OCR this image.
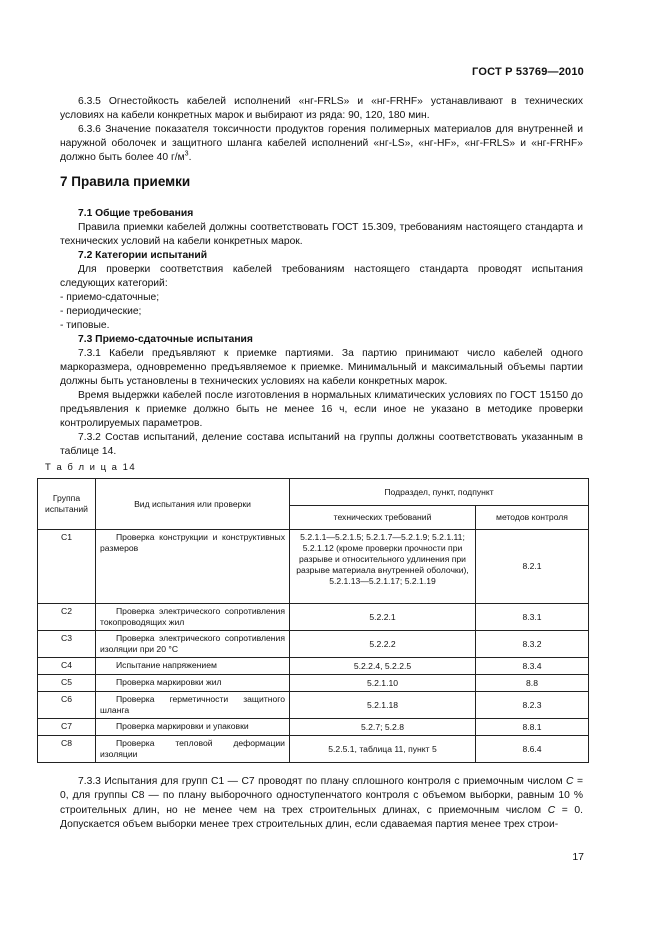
ГОСТ Р 53769—2010

6.3.5 Огнестойкость кабелей исполнений «нг-FRLS» и «нг-FRHF» устанавливают в технических условиях на кабели конкретных марок и выбирают из ряда: 90, 120, 180 мин.

6.3.6 Значение показателя токсичности продуктов горения полимерных материалов для внутренней и наружной оболочек и защитного шланга кабелей исполнений «нг-LS», «нг-HF», «нг-FRLS» и «нг-FRHF» должно быть более 40 $г/м^3$.

7 Правила приемки

7.1 Общие требования

Правила приемки кабелей должны соответствовать ГОСТ 15.309, требованиям настоящего стандарта и технических условий на кабели конкретных марок.

7.2 Категории испытаний

Для проверки соответствия кабелей требованиям настоящего стандарта проводят испытания следующих категорий:

- приемо-сдаточные;

- периодические;

- типовые.

7.3 Приемо-сдаточные испытания

7.3.1 Кабели предъявляют к приемке партиями. За партию принимают число кабелей одного маркоразмера, одновременно предъявляемое к приемке. Минимальный и максимальный объемы партии должны быть установлены в технических условиях на кабели конкретных марок.

Время выдержки кабелей после изготовления в нормальных климатических условиях по ГОСТ 15150 до предъявления к приемке должно быть не менее 16 ч, если иное не указано в методике проверки контролируемых параметров.

7.3.2 Состав испытаний, деление состава испытаний на группы должны соответствовать указанным в таблице 14.

Т а б л и ц а 14
Группа испытаний	Вид испытания или проверки	Подраздел, пункт, подпункт	
		технических требований	методов контроля
С1	Проверка конструкции и конструктивных размеров	5.2.1.1—5.2.1.5; 5.2.1.7—5.2.1.9; 5.2.1.11; 5.2.1.12 (кроме проверки прочности при разрыве и относительного удлинения при разрыве материала внутренней оболочки), 5.2.1.13—5.2.1.17; 5.2.1.19	8.2.1
С2	Проверка электрического сопротивления токопроводящих жил	5.2.2.1	8.3.1
С3	Проверка электрического сопротивления изоляции при 20 °С	5.2.2.2	8.3.2
С4	Испытание напряжением	5.2.2.4, 5.2.2.5	8.3.4
С5	Проверка маркировки жил	5.2.1.10	8.8
С6	Проверка герметичности защитного шланга	5.2.1.18	8.2.3
С7	Проверка маркировки и упаковки	5.2.7; 5.2.8	8.8.1
С8	Проверка тепловой деформации изоляции	5.2.5.1, таблица 11, пункт 5	8.6.4

7.3.3 Испытания для групп С1 — С7 проводят по плану сплошного контроля с приемочным числом С = 0, для группы С8 — по плану выборочного одноступенчатого контроля с объемом выборки, равным 10 % строительных длин, но не менее чем на трех строительных длинах, с приемочным числом С = 0. Допускается объем выборки менее трех строительных длин, если сдаваемая партия менее трех строи-

17
